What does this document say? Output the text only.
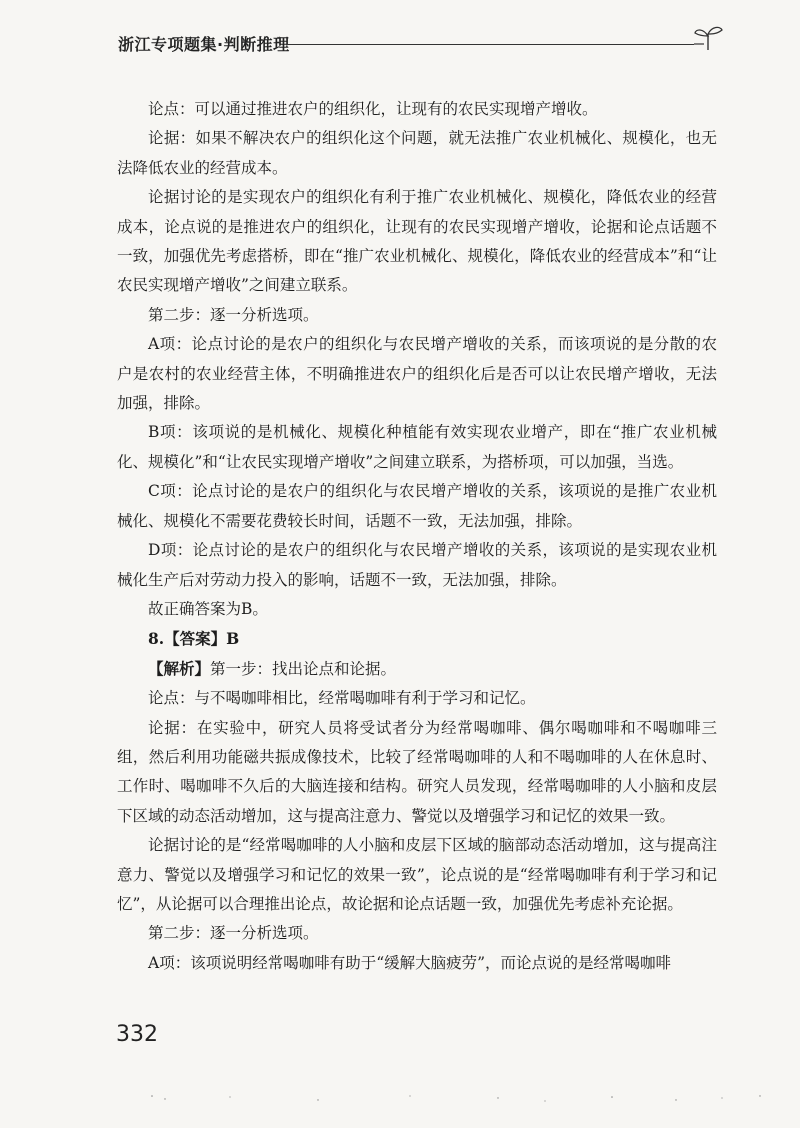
浙江专项题集·判断推理

论点：可以通过推进农户的组织化，让现有的农民实现增产增收。

论据：如果不解决农户的组织化这个问题，就无法推广农业机械化、规模化，也无法降低农业的经营成本。

论据讨论的是实现农户的组织化有利于推广农业机械化、规模化，降低农业的经营成本，论点说的是推进农户的组织化，让现有的农民实现增产增收，论据和论点话题不一致，加强优先考虑搭桥，即在“推广农业机械化、规模化，降低农业的经营成本”和“让农民实现增产增收”之间建立联系。

第二步：逐一分析选项。

A项：论点讨论的是农户的组织化与农民增产增收的关系，而该项说的是分散的农户是农村的农业经营主体，不明确推进农户的组织化后是否可以让农民增产增收，无法加强，排除。

B项：该项说的是机械化、规模化种植能有效实现农业增产，即在“推广农业机械化、规模化”和“让农民实现增产增收”之间建立联系，为搭桥项，可以加强，当选。

C项：论点讨论的是农户的组织化与农民增产增收的关系，该项说的是推广农业机械化、规模化不需要花费较长时间，话题不一致，无法加强，排除。

D项：论点讨论的是农户的组织化与农民增产增收的关系，该项说的是实现农业机械化生产后对劳动力投入的影响，话题不一致，无法加强，排除。

故正确答案为B。

8.【答案】B

【解析】第一步：找出论点和论据。

论点：与不喝咖啡相比，经常喝咖啡有利于学习和记忆。

论据：在实验中，研究人员将受试者分为经常喝咖啡、偶尔喝咖啡和不喝咖啡三组，然后利用功能磁共振成像技术，比较了经常喝咖啡的人和不喝咖啡的人在休息时、工作时、喝咖啡不久后的大脑连接和结构。研究人员发现，经常喝咖啡的人小脑和皮层下区域的动态活动增加，这与提高注意力、警觉以及增强学习和记忆的效果一致。

论据讨论的是“经常喝咖啡的人小脑和皮层下区域的脑部动态活动增加，这与提高注意力、警觉以及增强学习和记忆的效果一致”，论点说的是“经常喝咖啡有利于学习和记忆”，从论据可以合理推出论点，故论据和论点话题一致，加强优先考虑补充论据。

第二步：逐一分析选项。

A项：该项说明经常喝咖啡有助于“缓解大脑疲劳”，而论点说的是经常喝咖啡

332
